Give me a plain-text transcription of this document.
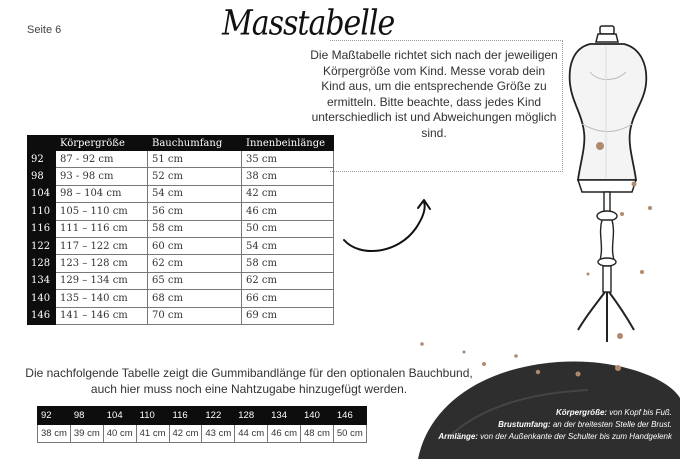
Seite 6	Masstabelle
Die Maßtabelle richtet sich nach der jeweiligen Körpergröße vom Kind. Messe vorab dein Kind aus, um die entsprechende Größe zu ermitteln. Bitte beachte, dass jedes Kind unterschiedlich ist und Abweichungen möglich sind.
	Körpergröße	Bauchumfang	Innenbeinlänge
92	87 - 92 cm	51 cm	35 cm
98	93 - 98 cm	52 cm	38 cm
104	98 – 104 cm	54 cm	42 cm
110	105 – 110 cm	56 cm	46 cm
116	111 – 116 cm	58 cm	50 cm
122	117 – 122 cm	60 cm	54 cm
128	123 – 128 cm	62 cm	58 cm
134	129 – 134 cm	65 cm	62 cm
140	135 – 140 cm	68 cm	66 cm
146	141 – 146 cm	70 cm	69 cm
Die nachfolgende Tabelle zeigt die Gummibandlänge für den optionalen Bauchbund,
auch hier muss noch eine Nahtzugabe hinzugefügt werden.
92	98	104	110	116	122	128	134	140	146
38 cm	39 cm	40 cm	41 cm	42 cm	43 cm	44 cm	46 cm	48 cm	50 cm
Körpergröße: von Kopf bis Fuß.
Brustumfang: an der breitesten Stelle der Brust.
Armlänge: von der Außenkante der Schulter bis zum Handgelenk
